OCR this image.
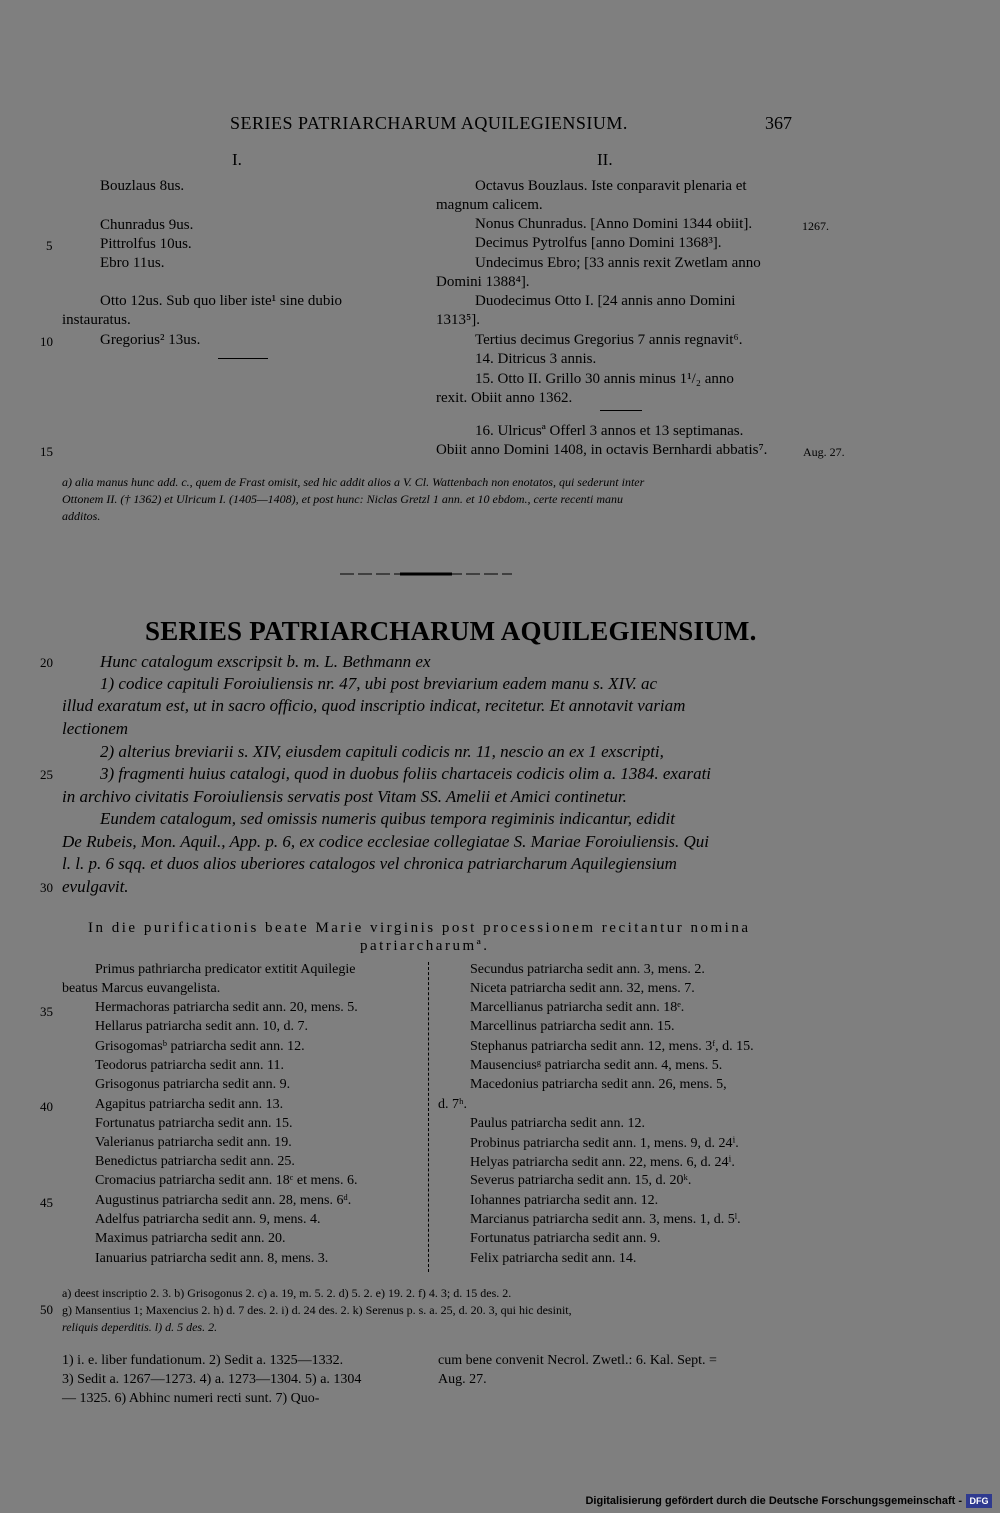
SERIES PATRIARCHARUM AQUILEGIENSIUM.	367
I.	II.
Bouzlaus 8us.
Chunradus 9us.
Pittrolfus 10us.
Ebro 11us.
Otto 12us. Sub quo liber iste¹ sine dubio
instauratus.
Gregorius² 13us.
Octavus Bouzlaus. Iste conparavit plenaria et
magnum calicem.
Nonus Chunradus. [Anno Domini 1344 obiit].
Decimus Pytrolfus [anno Domini 1368³].
Undecimus Ebro; [33 annis rexit Zwetlam anno
Domini 1388⁴].
Duodecimus Otto I. [24 annis anno Domini
1313⁵].
Tertius decimus Gregorius 7 annis regnavit⁶.
14. Ditricus 3 annis.
15. Otto II. Grillo 30 annis minus 1¹/₂ anno
rexit. Obiit anno 1362.
16. Ulricusª Offerl 3 annos et 13 septimanas.
Obiit anno Domini 1408, in octavis Bernhardi abbatis⁷.
1267.
Aug. 27.
5
10
15
a) alia manus hunc add. c., quem de Frast omisit, sed hic addit alios a V. Cl. Wattenbach non enotatos, qui sederunt inter
Ottonem II. († 1362) et Ulricum I. (1405—1408), et post hunc: Niclas Gretzl 1 ann. et 10 ebdom., certe recenti manu
additos.
SERIES PATRIARCHARUM AQUILEGIENSIUM.
Hunc catalogum exscripsit b. m. L. Bethmann ex
1) codice capituli Foroiuliensis nr. 47, ubi post breviarium eadem manu s. XIV. ac
illud exaratum est, ut in sacro officio, quod inscriptio indicat, recitetur. Et annotavit variam
lectionem
2) alterius breviarii s. XIV, eiusdem capituli codicis nr. 11, nescio an ex 1 exscripti,
3) fragmenti huius catalogi, quod in duobus foliis chartaceis codicis olim a. 1384. exarati
in archivo civitatis Foroiuliensis servatis post Vitam SS. Amelii et Amici continetur.
Eundem catalogum, sed omissis numeris quibus tempora regiminis indicantur, edidit
De Rubeis, Mon. Aquil., App. p. 6, ex codice ecclesiae collegiatae S. Mariae Foroiuliensis. Qui
l. l. p. 6 sqq. et duos alios uberiores catalogos vel chronica patriarcharum Aquilegiensium
evulgavit.
20
25
30
35
40
45
50
In die purificationis beate Marie virginis post processionem recitantur nomina
patriarcharumª.
Primus pathriarcha predicator extitit Aquilegie
beatus Marcus euvangelista.
Hermachoras patriarcha sedit ann. 20, mens. 5.
Hellarus patriarcha sedit ann. 10, d. 7.
Grisogomasᵇ patriarcha sedit ann. 12.
Teodorus patriarcha sedit ann. 11.
Grisogonus patriarcha sedit ann. 9.
Agapitus patriarcha sedit ann. 13.
Fortunatus patriarcha sedit ann. 15.
Valerianus patriarcha sedit ann. 19.
Benedictus patriarcha sedit ann. 25.
Cromacius patriarcha sedit ann. 18ᶜ et mens. 6.
Augustinus patriarcha sedit ann. 28, mens. 6ᵈ.
Adelfus patriarcha sedit ann. 9, mens. 4.
Maximus patriarcha sedit ann. 20.
Ianuarius patriarcha sedit ann. 8, mens. 3.
Secundus patriarcha sedit ann. 3, mens. 2.
Niceta patriarcha sedit ann. 32, mens. 7.
Marcellianus patriarcha sedit ann. 18ᵉ.
Marcellinus patriarcha sedit ann. 15.
Stephanus patriarcha sedit ann. 12, mens. 3ᶠ, d. 15.
Mausenciusᵍ patriarcha sedit ann. 4, mens. 5.
Macedonius patriarcha sedit ann. 26, mens. 5,
d. 7ʰ.
Paulus patriarcha sedit ann. 12.
Probinus patriarcha sedit ann. 1, mens. 9, d. 24ⁱ.
Helyas patriarcha sedit ann. 22, mens. 6, d. 24ⁱ.
Severus patriarcha sedit ann. 15, d. 20ᵏ.
Iohannes patriarcha sedit ann. 12.
Marcianus patriarcha sedit ann. 3, mens. 1, d. 5ˡ.
Fortunatus patriarcha sedit ann. 9.
Felix patriarcha sedit ann. 14.
a) deest inscriptio 2. 3. b) Grisogonus 2. c) a. 19, m. 5. 2. d) 5. 2. e) 19. 2. f) 4. 3; d. 15 des. 2.
g) Mansentius 1; Maxencius 2. h) d. 7 des. 2. i) d. 24 des. 2. k) Serenus p. s. a. 25, d. 20. 3, qui hic desinit,
reliquis deperditis. l) d. 5 des. 2.
1) i. e. liber fundationum. 2) Sedit a. 1325—1332.
3) Sedit a. 1267—1273. 4) a. 1273—1304. 5) a. 1304
— 1325. 6) Abhinc numeri recti sunt. 7) Quo-
cum bene convenit Necrol. Zwetl.: 6. Kal. Sept. =
Aug. 27.
Digitalisierung gefördert durch die Deutsche Forschungsgemeinschaft - DFG
